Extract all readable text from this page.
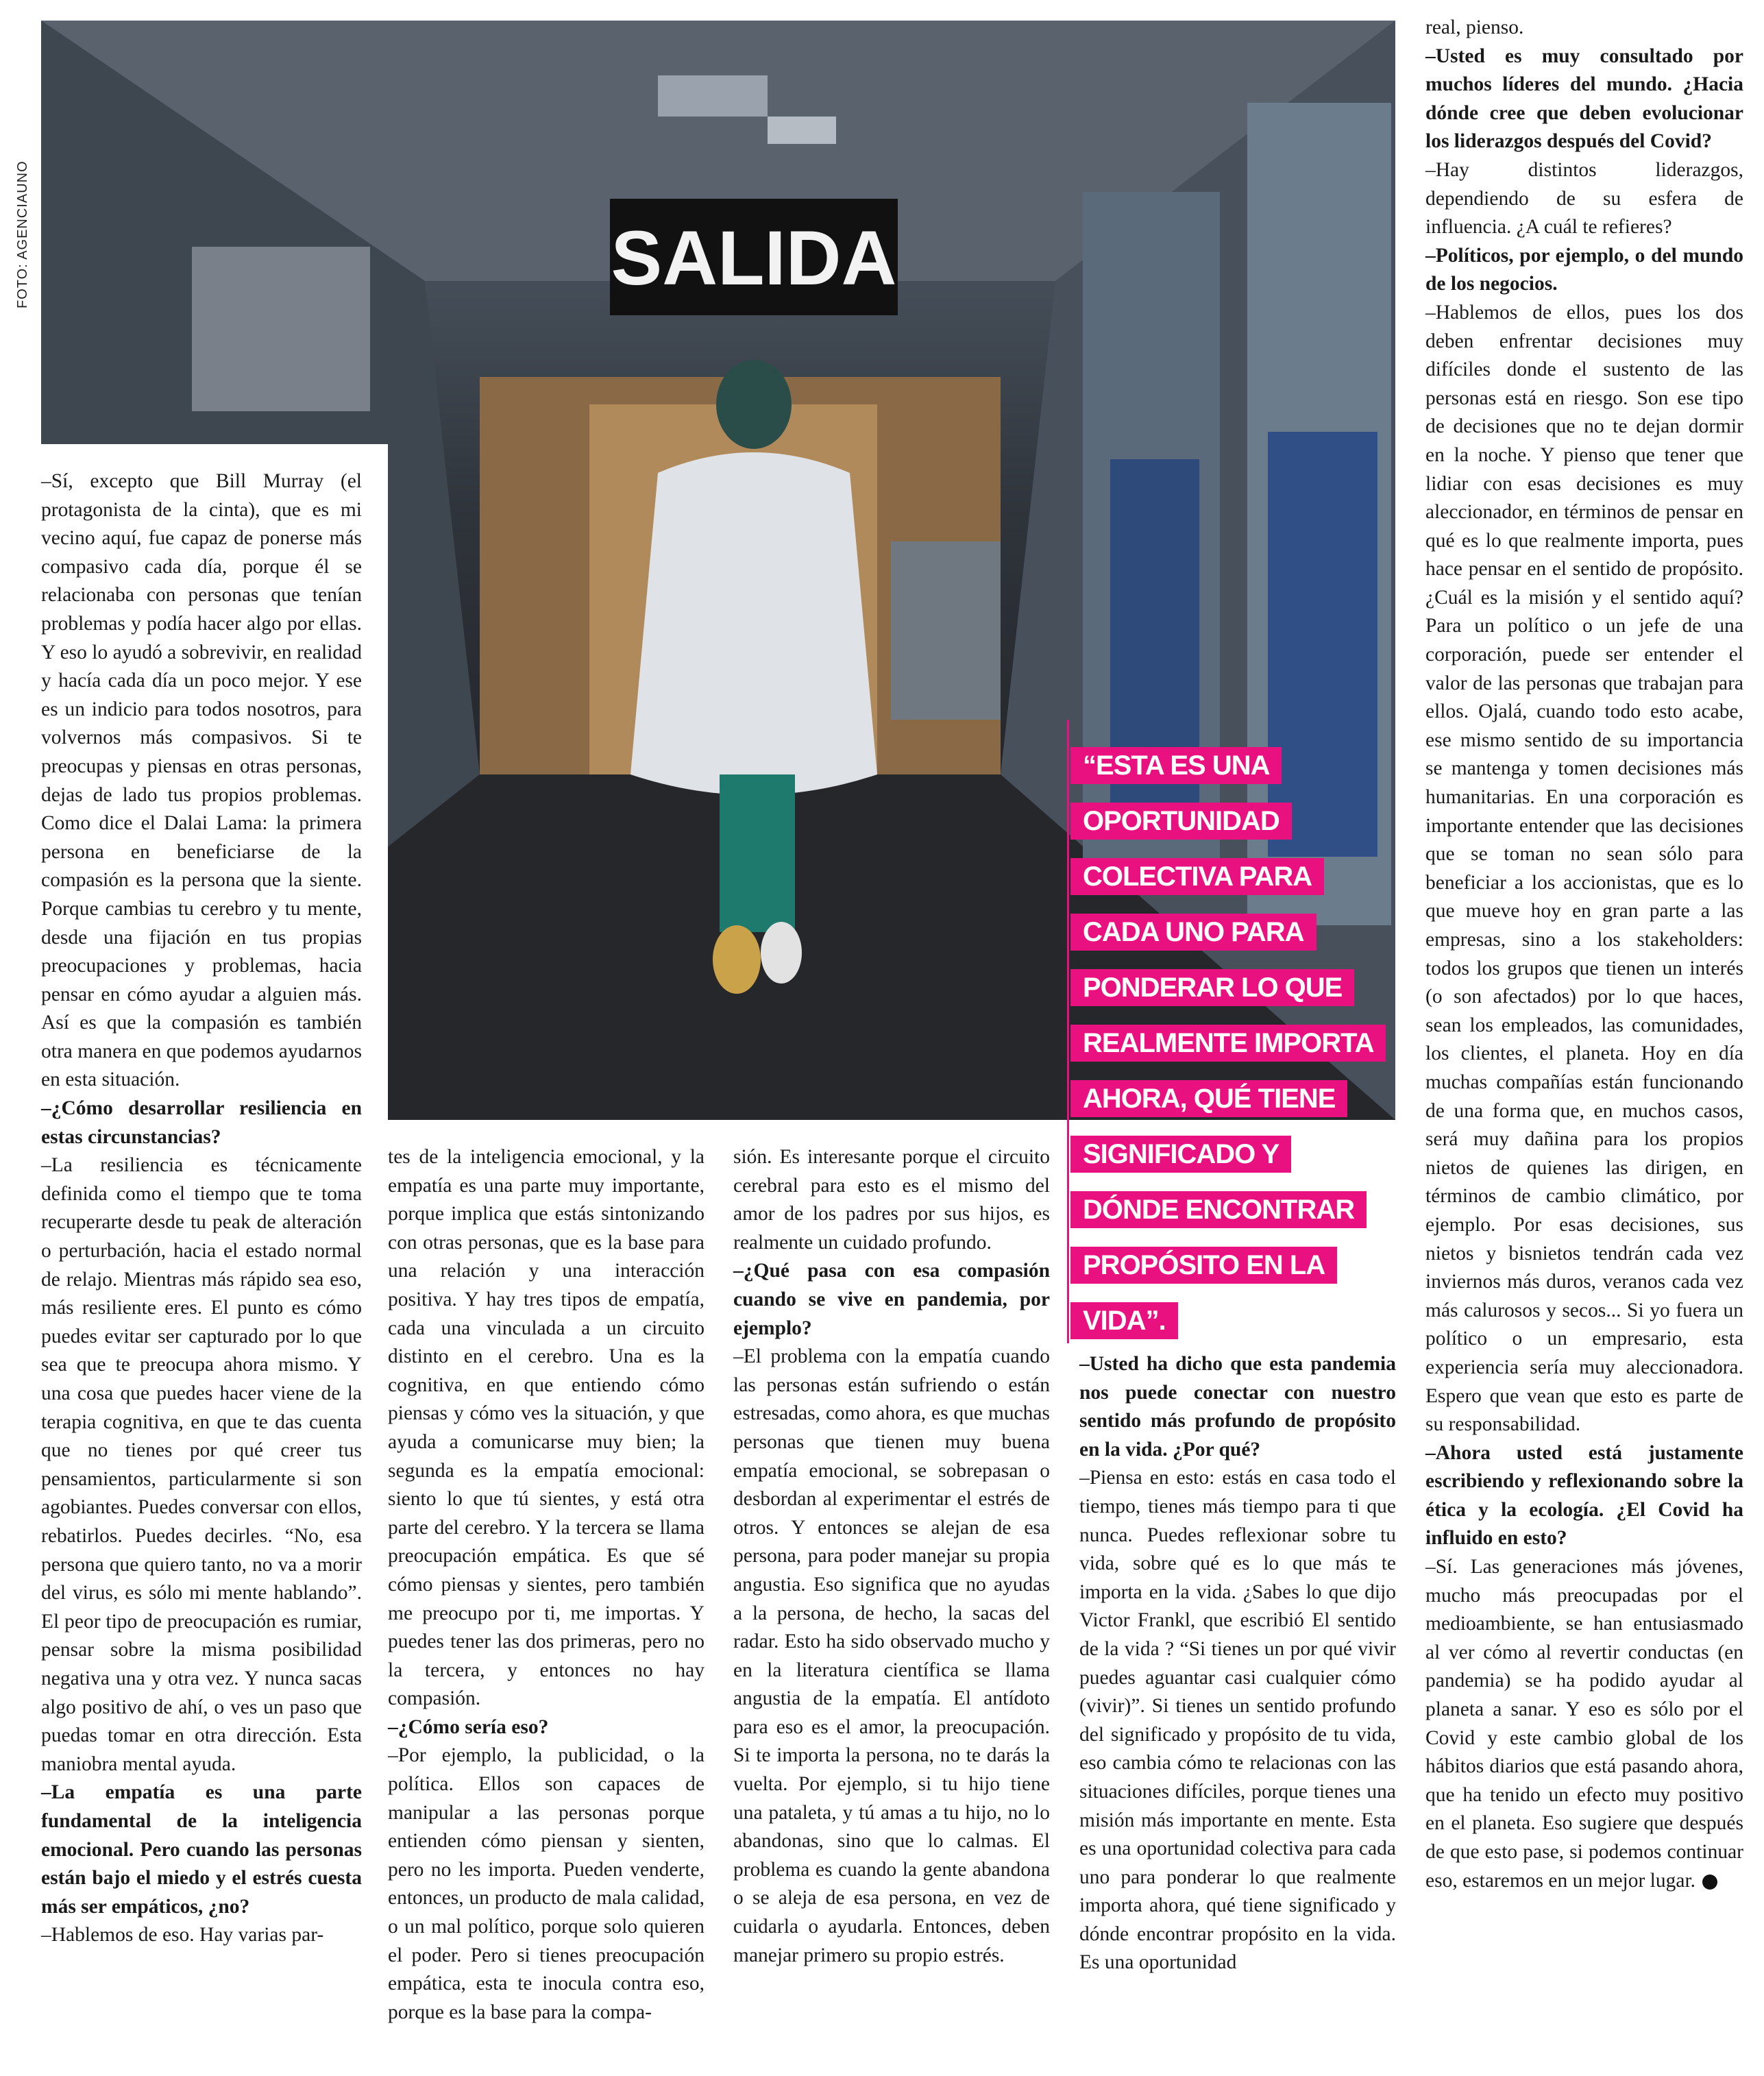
SALIDA
FOTO: AGENCIAUNO
“ESTA ES UNA
OPORTUNIDAD
COLECTIVA PARA
CADA UNO PARA
PONDERAR LO QUE
REALMENTE IMPORTA
AHORA, QUÉ TIENE
SIGNIFICADO Y
DÓNDE ENCONTRAR
PROPÓSITO EN LA
VIDA”.

–Sí, excepto que Bill Murray (el protagonista de la cinta), que es mi vecino aquí, fue capaz de ponerse más compasivo cada día, porque él se relacionaba con personas que tenían problemas y podía hacer algo por ellas. Y eso lo ayudó a sobrevivir, en realidad y hacía cada día un poco mejor. Y ese es un indicio para todos nosotros, para volvernos más compasivos. Si te preocupas y piensas en otras personas, dejas de lado tus propios problemas. Como dice el Dalai Lama: la primera persona en beneficiarse de la compasión es la persona que la siente. Porque cambias tu cerebro y tu mente, desde una fijación en tus propias preocupaciones y problemas, hacia pensar en cómo ayudar a alguien más. Así es que la compasión es también otra manera en que podemos ayudarnos en esta situación.

–¿Cómo desarrollar resiliencia en estas circunstancias?

–La resiliencia es técnicamente definida como el tiempo que te toma recuperarte desde tu peak de alteración o perturbación, hacia el estado normal de relajo. Mientras más rápido sea eso, más resiliente eres. El punto es cómo puedes evitar ser capturado por lo que sea que te preocupa ahora mismo. Y una cosa que puedes hacer viene de la terapia cognitiva, en que te das cuenta que no tienes por qué creer tus pensamientos, particularmente si son agobiantes. Puedes conversar con ellos, rebatirlos. Puedes decirles. “No, esa persona que quiero tanto, no va a morir del virus, es sólo mi mente hablando”. El peor tipo de preocupación es rumiar, pensar sobre la misma posibilidad negativa una y otra vez. Y nunca sacas algo positivo de ahí, o ves un paso que puedas tomar en otra dirección. Esta maniobra mental ayuda.

–La empatía es una parte fundamental de la inteligencia emocional. Pero cuando las personas están bajo el miedo y el estrés cuesta más ser empáticos, ¿no?

–Hablemos de eso. Hay varias par-

tes de la inteligencia emocional, y la empatía es una parte muy importante, porque implica que estás sintonizando con otras personas, que es la base para una relación y una interacción positiva. Y hay tres tipos de empatía, cada una vinculada a un circuito distinto en el cerebro. Una es la cognitiva, en que entiendo cómo piensas y cómo ves la situación, y que ayuda a comunicarse muy bien; la segunda es la empatía emocional: siento lo que tú sientes, y está otra parte del cerebro. Y la tercera se llama preocupación empática. Es que sé cómo piensas y sientes, pero también me preocupo por ti, me importas. Y puedes tener las dos primeras, pero no la tercera, y entonces no hay compasión.

–¿Cómo sería eso?

–Por ejemplo, la publicidad, o la política. Ellos son capaces de manipular a las personas porque entienden cómo piensan y sienten, pero no les importa. Pueden venderte, entonces, un producto de mala calidad, o un mal político, porque solo quieren el poder. Pero si tienes preocupación empática, esta te inocula contra eso, porque es la base para la compa-

sión. Es interesante porque el circuito cerebral para esto es el mismo del amor de los padres por sus hijos, es realmente un cuidado profundo.

–¿Qué pasa con esa compasión cuando se vive en pandemia, por ejemplo?

–El problema con la empatía cuando las personas están sufriendo o están estresadas, como ahora, es que muchas personas que tienen muy buena empatía emocional, se sobrepasan o desbordan al experimentar el estrés de otros. Y entonces se alejan de esa persona, para poder manejar su propia angustia. Eso significa que no ayudas a la persona, de hecho, la sacas del radar. Esto ha sido observado mucho y en la literatura científica se llama angustia de la empatía. El antídoto para eso es el amor, la preocupación. Si te importa la persona, no te darás la vuelta. Por ejemplo, si tu hijo tiene una pataleta, y tú amas a tu hijo, no lo abandonas, sino que lo calmas. El problema es cuando la gente abandona o se aleja de esa persona, en vez de cuidarla o ayudarla. Entonces, deben manejar primero su propio estrés.

–Usted ha dicho que esta pandemia nos puede conectar con nuestro sentido más profundo de propósito en la vida. ¿Por qué?

–Piensa en esto: estás en casa todo el tiempo, tienes más tiempo para ti que nunca. Puedes reflexionar sobre tu vida, sobre qué es lo que más te importa en la vida. ¿Sabes lo que dijo Victor Frankl, que escribió El sentido de la vida ? “Si tienes un por qué vivir puedes aguantar casi cualquier cómo (vivir)”. Si tienes un sentido profundo del significado y propósito de tu vida, eso cambia cómo te relacionas con las situaciones difíciles, porque tienes una misión más importante en mente. Esta es una oportunidad colectiva para cada uno para ponderar lo que realmente importa ahora, qué tiene significado y dónde encontrar propósito en la vida. Es una oportunidad

real, pienso.

–Usted es muy consultado por muchos líderes del mundo. ¿Hacia dónde cree que deben evolucionar los liderazgos después del Covid?

–Hay distintos liderazgos, dependiendo de su esfera de influencia. ¿A cuál te refieres?

–Políticos, por ejemplo, o del mundo de los negocios.

–Hablemos de ellos, pues los dos deben enfrentar decisiones muy difíciles donde el sustento de las personas está en riesgo. Son ese tipo de decisiones que no te dejan dormir en la noche. Y pienso que tener que lidiar con esas decisiones es muy aleccionador, en términos de pensar en qué es lo que realmente importa, pues hace pensar en el sentido de propósito. ¿Cuál es la misión y el sentido aquí? Para un político o un jefe de una corporación, puede ser entender el valor de las personas que trabajan para ellos. Ojalá, cuando todo esto acabe, ese mismo sentido de su importancia se mantenga y tomen decisiones más humanitarias. En una corporación es importante entender que las decisiones que se toman no sean sólo para beneficiar a los accionistas, que es lo que mueve hoy en gran parte a las empresas, sino a los stakeholders: todos los grupos que tienen un interés (o son afectados) por lo que haces, sean los empleados, las comunidades, los clientes, el planeta. Hoy en día muchas compañías están funcionando de una forma que, en muchos casos, será muy dañina para los propios nietos de quienes las dirigen, en términos de cambio climático, por ejemplo. Por esas decisiones, sus nietos y bisnietos tendrán cada vez inviernos más duros, veranos cada vez más calurosos y secos... Si yo fuera un político o un empresario, esta experiencia sería muy aleccionadora. Espero que vean que esto es parte de su responsabilidad.

–Ahora usted está justamente escribiendo y reflexionando sobre la ética y la ecología. ¿El Covid ha influido en esto?

–Sí. Las generaciones más jóvenes, mucho más preocupadas por el medioambiente, se han entusiasmado al ver cómo al revertir conductas (en pandemia) se ha podido ayudar al planeta a sanar. Y eso es sólo por el Covid y este cambio global de los hábitos diarios que está pasando ahora, que ha tenido un efecto muy positivo en el planeta. Eso sugiere que después de que esto pase, si podemos continuar eso, estaremos en un mejor lugar.
